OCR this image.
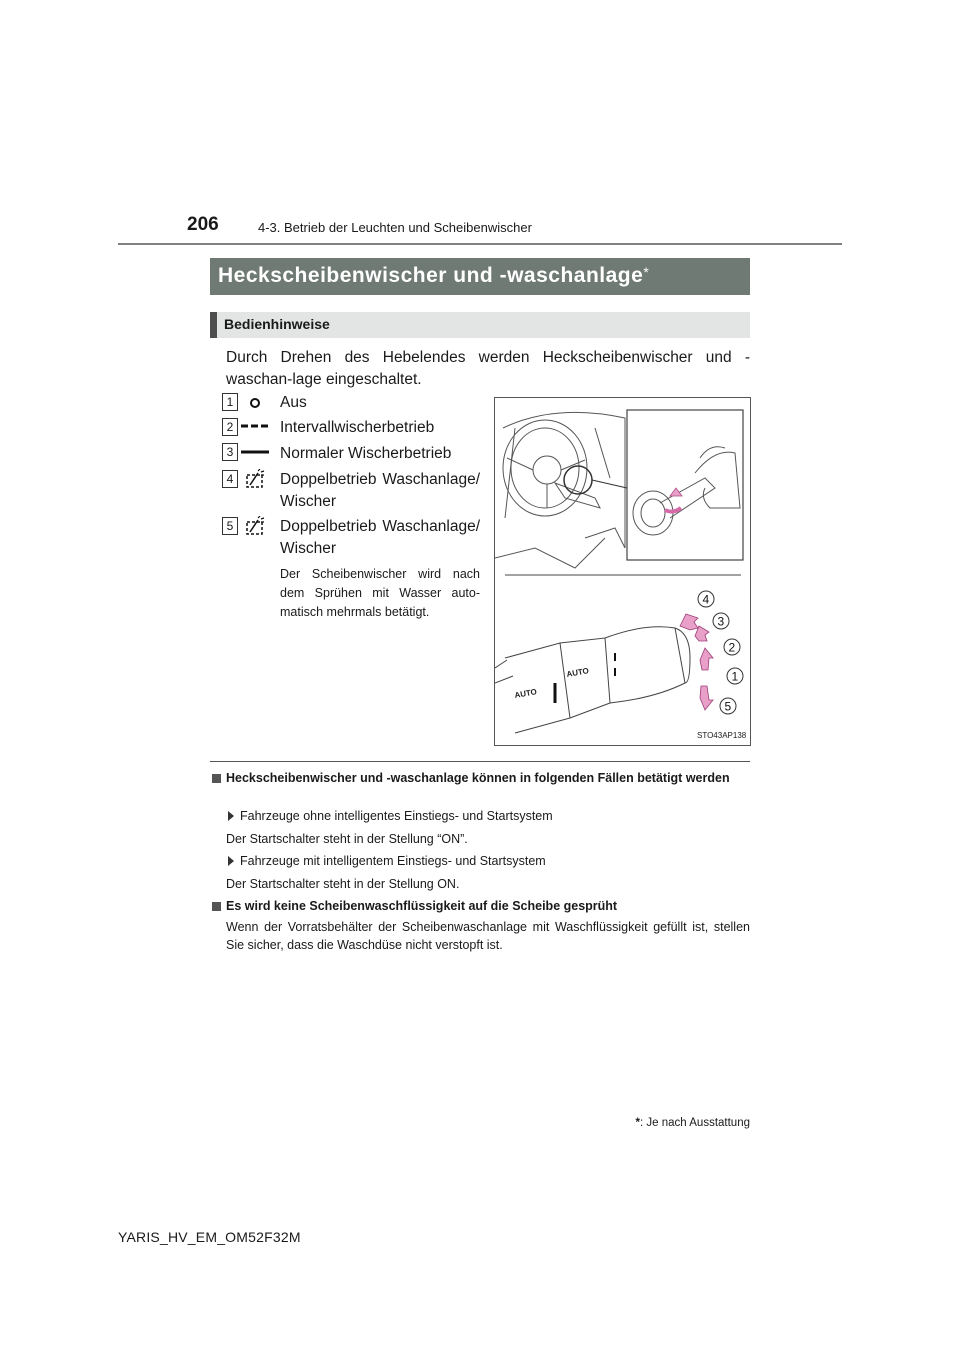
206	4-3. Betrieb der Leuchten und Scheibenwischer
Heckscheibenwischer und -waschanlage*
Bedienhinweise
Durch Drehen des Hebelendes werden Heckscheibenwischer und -waschan-lage eingeschaltet.
1	Aus
2	Intervallwischerbetrieb
3	Normaler Wischerbetrieb
4	Doppelbetrieb Waschanlage/ Wischer
5	Doppelbetrieb Waschanlage/ Wischer
Der Scheibenwischer wird nach dem Sprühen mit Wasser auto-matisch mehrmals betätigt.
AUTO
AUTO
4
3
2
1
5
STO43AP138
Heckscheibenwischer und -waschanlage können in folgenden Fällen betätigt werden
Fahrzeuge ohne intelligentes Einstiegs- und Startsystem
Der Startschalter steht in der Stellung “ON”.
Fahrzeuge mit intelligentem Einstiegs- und Startsystem
Der Startschalter steht in der Stellung ON.
Es wird keine Scheibenwaschflüssigkeit auf die Scheibe gesprüht
Wenn der Vorratsbehälter der Scheibenwaschanlage mit Waschflüssigkeit gefüllt ist, stellen Sie sicher, dass die Waschdüse nicht verstopft ist.
*: Je nach Ausstattung
YARIS_HV_EM_OM52F32M
